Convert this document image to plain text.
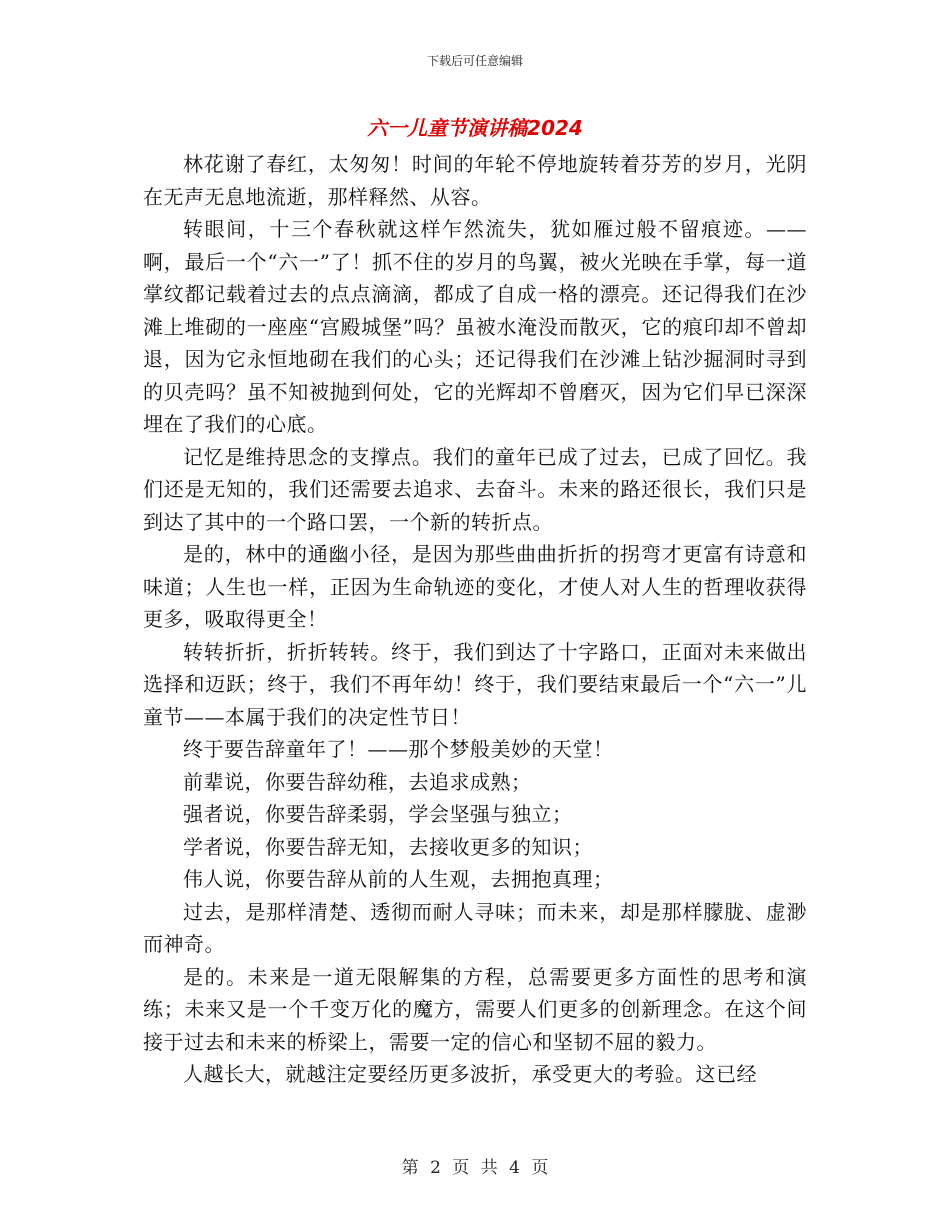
下载后可任意编辑
六一儿童节演讲稿2024

林花谢了春红，太匆匆！时间的年轮不停地旋转着芬芳的岁月，光阴在无声无息地流逝，那样释然、从容。

转眼间，十三个春秋就这样乍然流失，犹如雁过般不留痕迹。——啊，最后一个“六一”了！抓不住的岁月的鸟翼，被火光映在手掌，每一道掌纹都记载着过去的点点滴滴，都成了自成一格的漂亮。还记得我们在沙滩上堆砌的一座座“宫殿城堡”吗？虽被水淹没而散灭，它的痕印却不曾却退，因为它永恒地砌在我们的心头；还记得我们在沙滩上钻沙掘洞时寻到的贝壳吗？虽不知被抛到何处，它的光辉却不曾磨灭，因为它们早已深深埋在了我们的心底。

记忆是维持思念的支撑点。我们的童年已成了过去，已成了回忆。我们还是无知的，我们还需要去追求、去奋斗。未来的路还很长，我们只是到达了其中的一个路口罢，一个新的转折点。

是的，林中的通幽小径，是因为那些曲曲折折的拐弯才更富有诗意和味道；人生也一样，正因为生命轨迹的变化，才使人对人生的哲理收获得更多，吸取得更全！

转转折折，折折转转。终于，我们到达了十字路口，正面对未来做出选择和迈跃；终于，我们不再年幼！终于，我们要结束最后一个“六一”儿童节——本属于我们的决定性节日！

终于要告辞童年了！——那个梦般美妙的天堂！

前辈说，你要告辞幼稚，去追求成熟；

强者说，你要告辞柔弱，学会坚强与独立；

学者说，你要告辞无知，去接收更多的知识；

伟人说，你要告辞从前的人生观，去拥抱真理；

过去，是那样清楚、透彻而耐人寻味；而未来，却是那样朦胧、虚渺而神奇。

是的。未来是一道无限解集的方程，总需要更多方面性的思考和演练；未来又是一个千变万化的魔方，需要人们更多的创新理念。在这个间接于过去和未来的桥梁上，需要一定的信心和坚韧不屈的毅力。

人越长大，就越注定要经历更多波折，承受更大的考验。这已经

第 2 页 共 4 页
